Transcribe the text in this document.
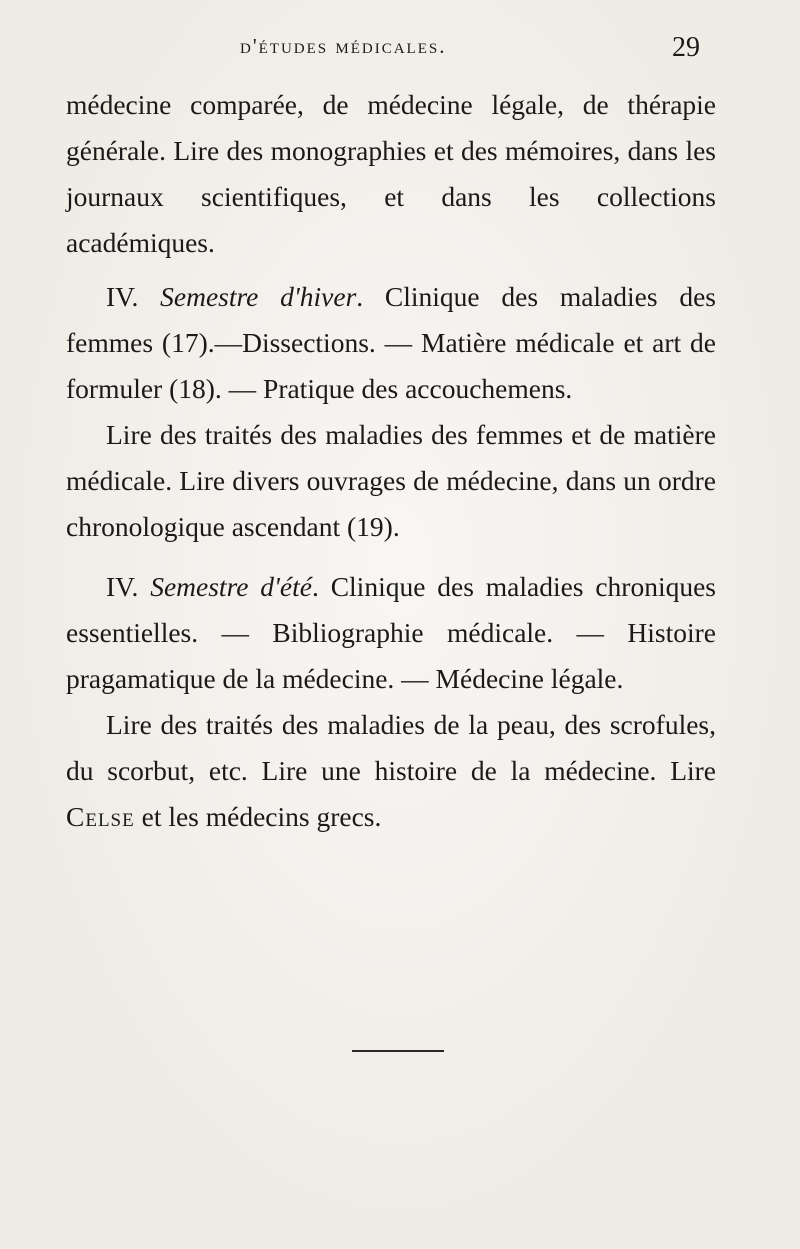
d'études médicales.	29

médecine comparée, de médecine légale, de thérapie générale. Lire des monographies et des mémoires, dans les journaux scientifiques, et dans les collections académiques.

IV. Semestre d'hiver. Clinique des maladies des femmes (17).—Dissections. — Matière médicale et art de formuler (18). — Pratique des accouchemens.

Lire des traités des maladies des femmes et de matière médicale. Lire divers ouvrages de médecine, dans un ordre chronologique ascendant (19).

IV. Semestre d'été. Clinique des maladies chroniques essentielles. — Bibliographie médicale. — Histoire pragamatique de la médecine. — Médecine légale.

Lire des traités des maladies de la peau, des scrofules, du scorbut, etc. Lire une histoire de la médecine. Lire Celse et les médecins grecs.
